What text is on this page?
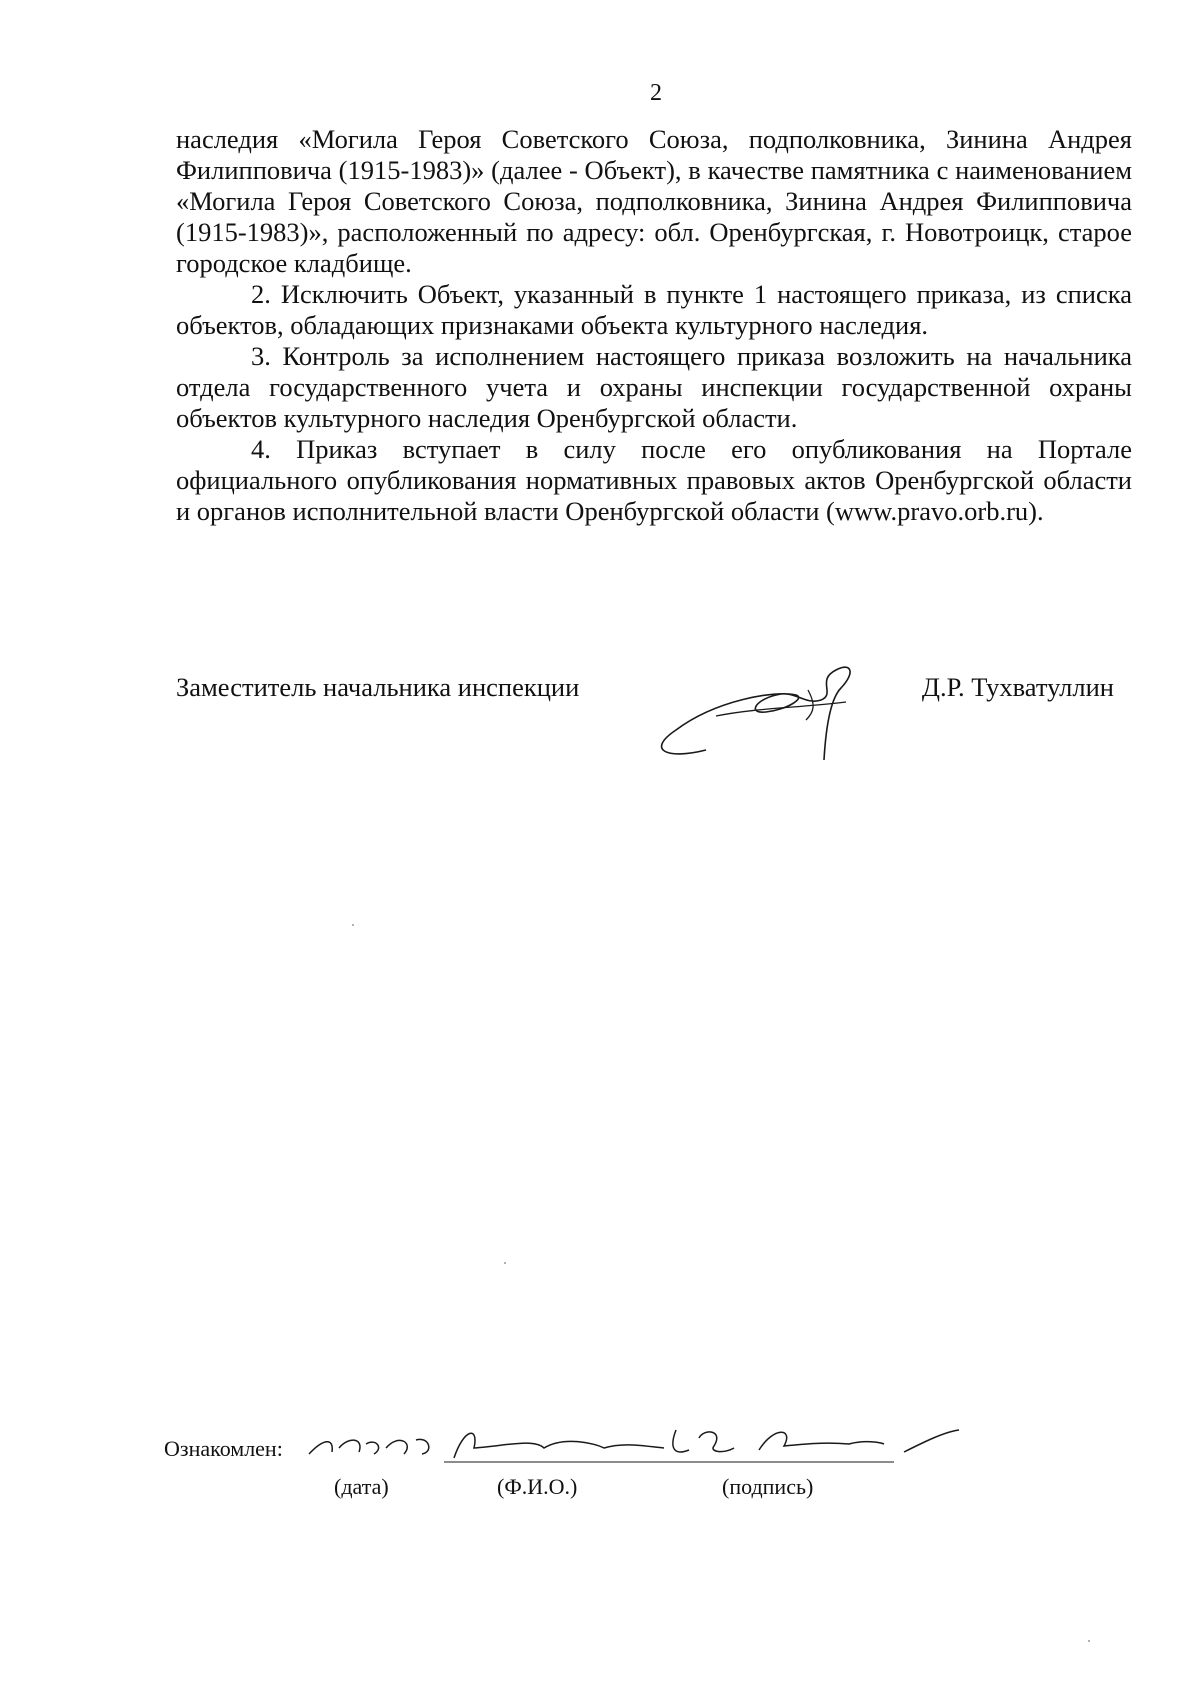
2

наследия «Могила Героя Советского Союза, подполковника, Зинина Андрея Филипповича (1915-1983)» (далее - Объект), в качестве памятника с наименованием «Могила Героя Советского Союза, подполковника, Зинина Андрея Филипповича (1915-1983)», расположенный по адресу: обл. Оренбургская, г. Новотроицк, старое городское кладбище.

2. Исключить Объект, указанный в пункте 1 настоящего приказа, из списка объектов, обладающих признаками объекта культурного наследия.

3. Контроль за исполнением настоящего приказа возложить на начальника отдела государственного учета и охраны инспекции государственной охраны объектов культурного наследия Оренбургской области.

4. Приказ вступает в силу после его опубликования на Портале официального опубликования нормативных правовых актов Оренбургской области и органов исполнительной власти Оренбургской области (www.pravo.orb.ru).

Заместитель начальника инспекции	Д.Р. Тухватуллин
Ознакомлен:
(дата)	(Ф.И.О.)	(подпись)
